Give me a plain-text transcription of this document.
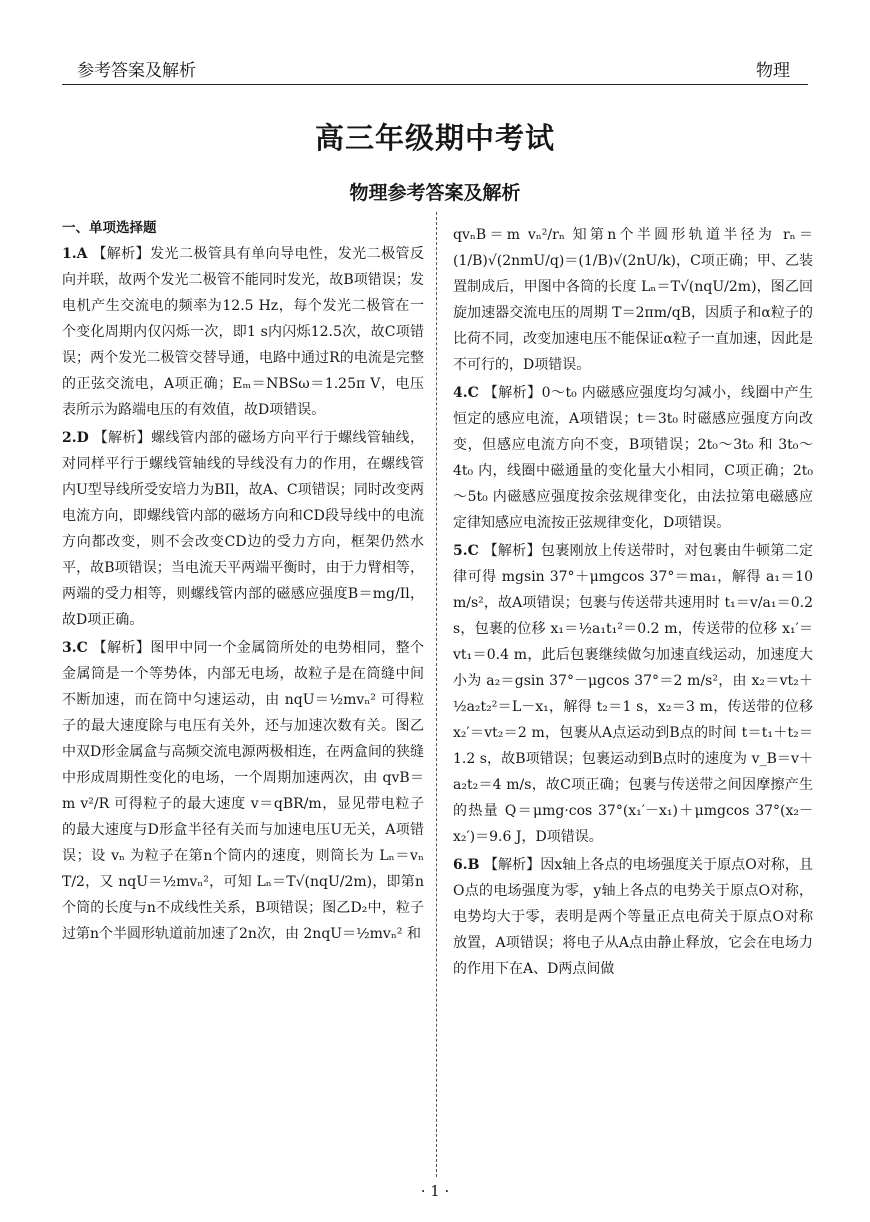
参考答案及解析	物理
高三年级期中考试
物理参考答案及解析
一、单项选择题

1.A 【解析】发光二极管具有单向导电性，发光二极管反向并联，故两个发光二极管不能同时发光，故B项错误；发电机产生交流电的频率为12.5 Hz，每个发光二极管在一个变化周期内仅闪烁一次，即1 s内闪烁12.5次，故C项错误；两个发光二极管交替导通，电路中通过R的电流是完整的正弦交流电，A项正确；Eₘ＝NBSω＝1.25π V，电压表所示为路端电压的有效值，故D项错误。

2.D 【解析】螺线管内部的磁场方向平行于螺线管轴线，对同样平行于螺线管轴线的导线没有力的作用，在螺线管内U型导线所受安培力为BIl，故A、C项错误；同时改变两电流方向，即螺线管内部的磁场方向和CD段导线中的电流方向都改变，则不会改变CD边的受力方向，框架仍然水平，故B项错误；当电流天平两端平衡时，由于力臂相等，两端的受力相等，则螺线管内部的磁感应强度B＝mg/Il，故D项正确。

3.C 【解析】图甲中同一个金属筒所处的电势相同，整个金属筒是一个等势体，内部无电场，故粒子是在筒缝中间不断加速，而在筒中匀速运动，由 nqU＝½mvₙ² 可得粒子的最大速度除与电压有关外，还与加速次数有关。图乙中双D形金属盒与高频交流电源两极相连，在两盒间的狭缝中形成周期性变化的电场，一个周期加速两次，由 qvB＝m v²/R 可得粒子的最大速度 v＝qBR/m，显见带电粒子的最大速度与D形盒半径有关而与加速电压U无关，A项错误；设 vₙ 为粒子在第n个筒内的速度，则筒长为 Lₙ＝vₙ T/2，又 nqU＝½mvₙ²，可知 Lₙ＝T√(nqU/2m)，即第n个筒的长度与n不成线性关系，B项错误；图乙D₂中，粒子过第n个半圆形轨道前加速了2n次，由 2nqU＝½mvₙ² 和

qvₙB＝m vₙ²/rₙ 知第n个半圆形轨道半径为 rₙ＝(1/B)√(2nmU/q)＝(1/B)√(2nU/k)，C项正确；甲、乙装置制成后，甲图中各筒的长度 Lₙ＝T√(nqU/2m)，图乙回旋加速器交流电压的周期 T＝2πm/qB，因质子和α粒子的比荷不同，改变加速电压不能保证α粒子一直加速，因此是不可行的，D项错误。

4.C 【解析】0～t₀ 内磁感应强度均匀减小，线圈中产生恒定的感应电流，A项错误；t＝3t₀ 时磁感应强度方向改变，但感应电流方向不变，B项错误；2t₀～3t₀ 和 3t₀～4t₀ 内，线圈中磁通量的变化量大小相同，C项正确；2t₀～5t₀ 内磁感应强度按余弦规律变化，由法拉第电磁感应定律知感应电流按正弦规律变化，D项错误。

5.C 【解析】包裹刚放上传送带时，对包裹由牛顿第二定律可得 mgsin 37°＋μmgcos 37°＝ma₁，解得 a₁＝10 m/s²，故A项错误；包裹与传送带共速用时 t₁＝v/a₁＝0.2 s，包裹的位移 x₁＝½a₁t₁²＝0.2 m，传送带的位移 x₁′＝vt₁＝0.4 m，此后包裹继续做匀加速直线运动，加速度大小为 a₂＝gsin 37°－μgcos 37°＝2 m/s²，由 x₂＝vt₂＋½a₂t₂²＝L－x₁，解得 t₂＝1 s，x₂＝3 m，传送带的位移 x₂′＝vt₂＝2 m，包裹从A点运动到B点的时间 t＝t₁＋t₂＝1.2 s，故B项错误；包裹运动到B点时的速度为 v_B＝v＋a₂t₂＝4 m/s，故C项正确；包裹与传送带之间因摩擦产生的热量 Q＝μmg·cos 37°(x₁′－x₁)＋μmgcos 37°(x₂－x₂′)＝9.6 J，D项错误。

6.B 【解析】因x轴上各点的电场强度关于原点O对称，且O点的电场强度为零，y轴上各点的电势关于原点O对称，电势均大于零，表明是两个等量正点电荷关于原点O对称放置，A项错误；将电子从A点由静止释放，它会在电场力的作用下在A、D两点间做

· 1 ·
